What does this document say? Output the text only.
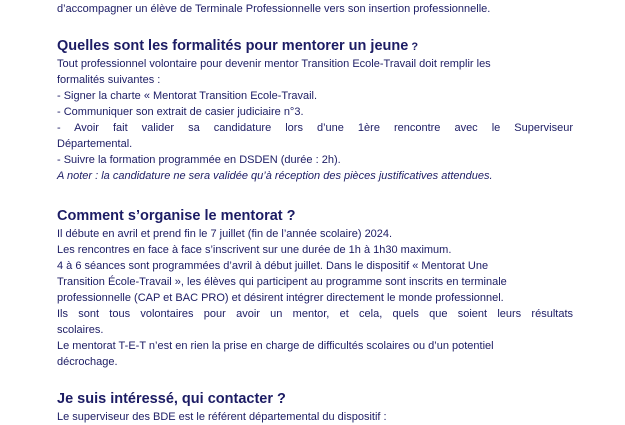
d’accompagner un élève de Terminale Professionnelle vers son insertion professionnelle.

Quelles sont les formalités pour mentorer un jeune ?

Tout professionnel volontaire pour devenir mentor Transition Ecole-Travail doit remplir les

formalités suivantes :

- Signer la charte « Mentorat Transition Ecole-Travail.

- Communiquer son extrait de casier judiciaire n°3.

- Avoir fait valider sa candidature lors d’une 1ère rencontre avec le Superviseur

Départemental.

- Suivre la formation programmée en DSDEN (durée : 2h).

A noter : la candidature ne sera validée qu’à réception des pièces justificatives attendues.

Comment s’organise le mentorat ?

Il débute en avril et prend fin le 7 juillet (fin de l’année scolaire) 2024.

Les rencontres en face à face s’inscrivent sur une durée de 1h à 1h30 maximum.

4 à 6 séances sont programmées d’avril à début juillet. Dans le dispositif « Mentorat Une

Transition École-Travail », les élèves qui participent au programme sont inscrits en terminale

professionnelle (CAP et BAC PRO) et désirent intégrer directement le monde professionnel.

Ils sont tous volontaires pour avoir un mentor, et cela, quels que soient leurs résultats

scolaires.

Le mentorat T-E-T n’est en rien la prise en charge de difficultés scolaires ou d’un potentiel

décrochage.

Je suis intéressé, qui contacter ?

Le superviseur des BDE est le référent départemental du dispositif :
